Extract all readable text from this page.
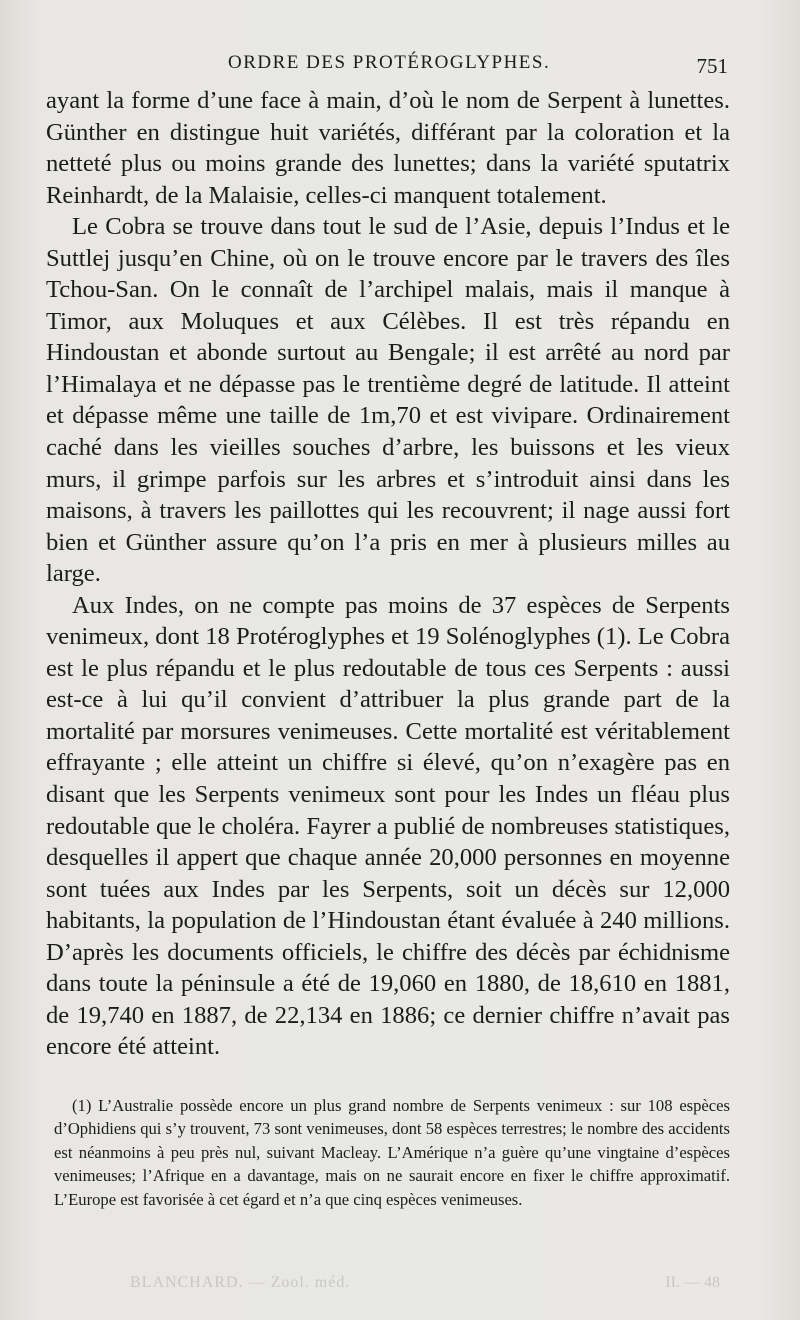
ORDRE DES PROTÉROGLYPHES.	751

ayant la forme d’une face à main, d’où le nom de Serpent à lunettes. Günther en distingue huit variétés, différant par la coloration et la netteté plus ou moins grande des lunettes; dans la variété sputatrix Reinhardt, de la Malaisie, celles-ci manquent totalement.

Le Cobra se trouve dans tout le sud de l’Asie, depuis l’Indus et le Suttlej jusqu’en Chine, où on le trouve encore par le travers des îles Tchou-San. On le connaît de l’archipel malais, mais il manque à Timor, aux Moluques et aux Célèbes. Il est très répandu en Hindoustan et abonde surtout au Bengale; il est arrêté au nord par l’Himalaya et ne dépasse pas le trentième degré de latitude. Il atteint et dépasse même une taille de 1m,70 et est vivipare. Ordinairement caché dans les vieilles souches d’arbre, les buissons et les vieux murs, il grimpe parfois sur les arbres et s’introduit ainsi dans les maisons, à travers les paillottes qui les recouvrent; il nage aussi fort bien et Günther assure qu’on l’a pris en mer à plusieurs milles au large.

Aux Indes, on ne compte pas moins de 37 espèces de Serpents venimeux, dont 18 Protéroglyphes et 19 Solénoglyphes (1). Le Cobra est le plus répandu et le plus redoutable de tous ces Serpents : aussi est-ce à lui qu’il convient d’attribuer la plus grande part de la mortalité par morsures venimeuses. Cette mortalité est véritablement effrayante ; elle atteint un chiffre si élevé, qu’on n’exagère pas en disant que les Serpents venimeux sont pour les Indes un fléau plus redoutable que le choléra. Fayrer a publié de nombreuses statistiques, desquelles il appert que chaque année 20,000 personnes en moyenne sont tuées aux Indes par les Serpents, soit un décès sur 12,000 habitants, la population de l’Hindoustan étant évaluée à 240 millions. D’après les documents officiels, le chiffre des décès par échidnisme dans toute la péninsule a été de 19,060 en 1880, de 18,610 en 1881, de 19,740 en 1887, de 22,134 en 1886; ce dernier chiffre n’avait pas encore été atteint.

(1) L’Australie possède encore un plus grand nombre de Serpents venimeux : sur 108 espèces d’Ophidiens qui s’y trouvent, 73 sont venimeuses, dont 58 espèces terrestres; le nombre des accidents est néanmoins à peu près nul, suivant Macleay. L’Amérique n’a guère qu’une vingtaine d’espèces venimeuses; l’Afrique en a davantage, mais on ne saurait encore en fixer le chiffre approximatif. L’Europe est favorisée à cet égard et n’a que cinq espèces venimeuses.

BLANCHARD. — Zool. méd.	II. — 48
